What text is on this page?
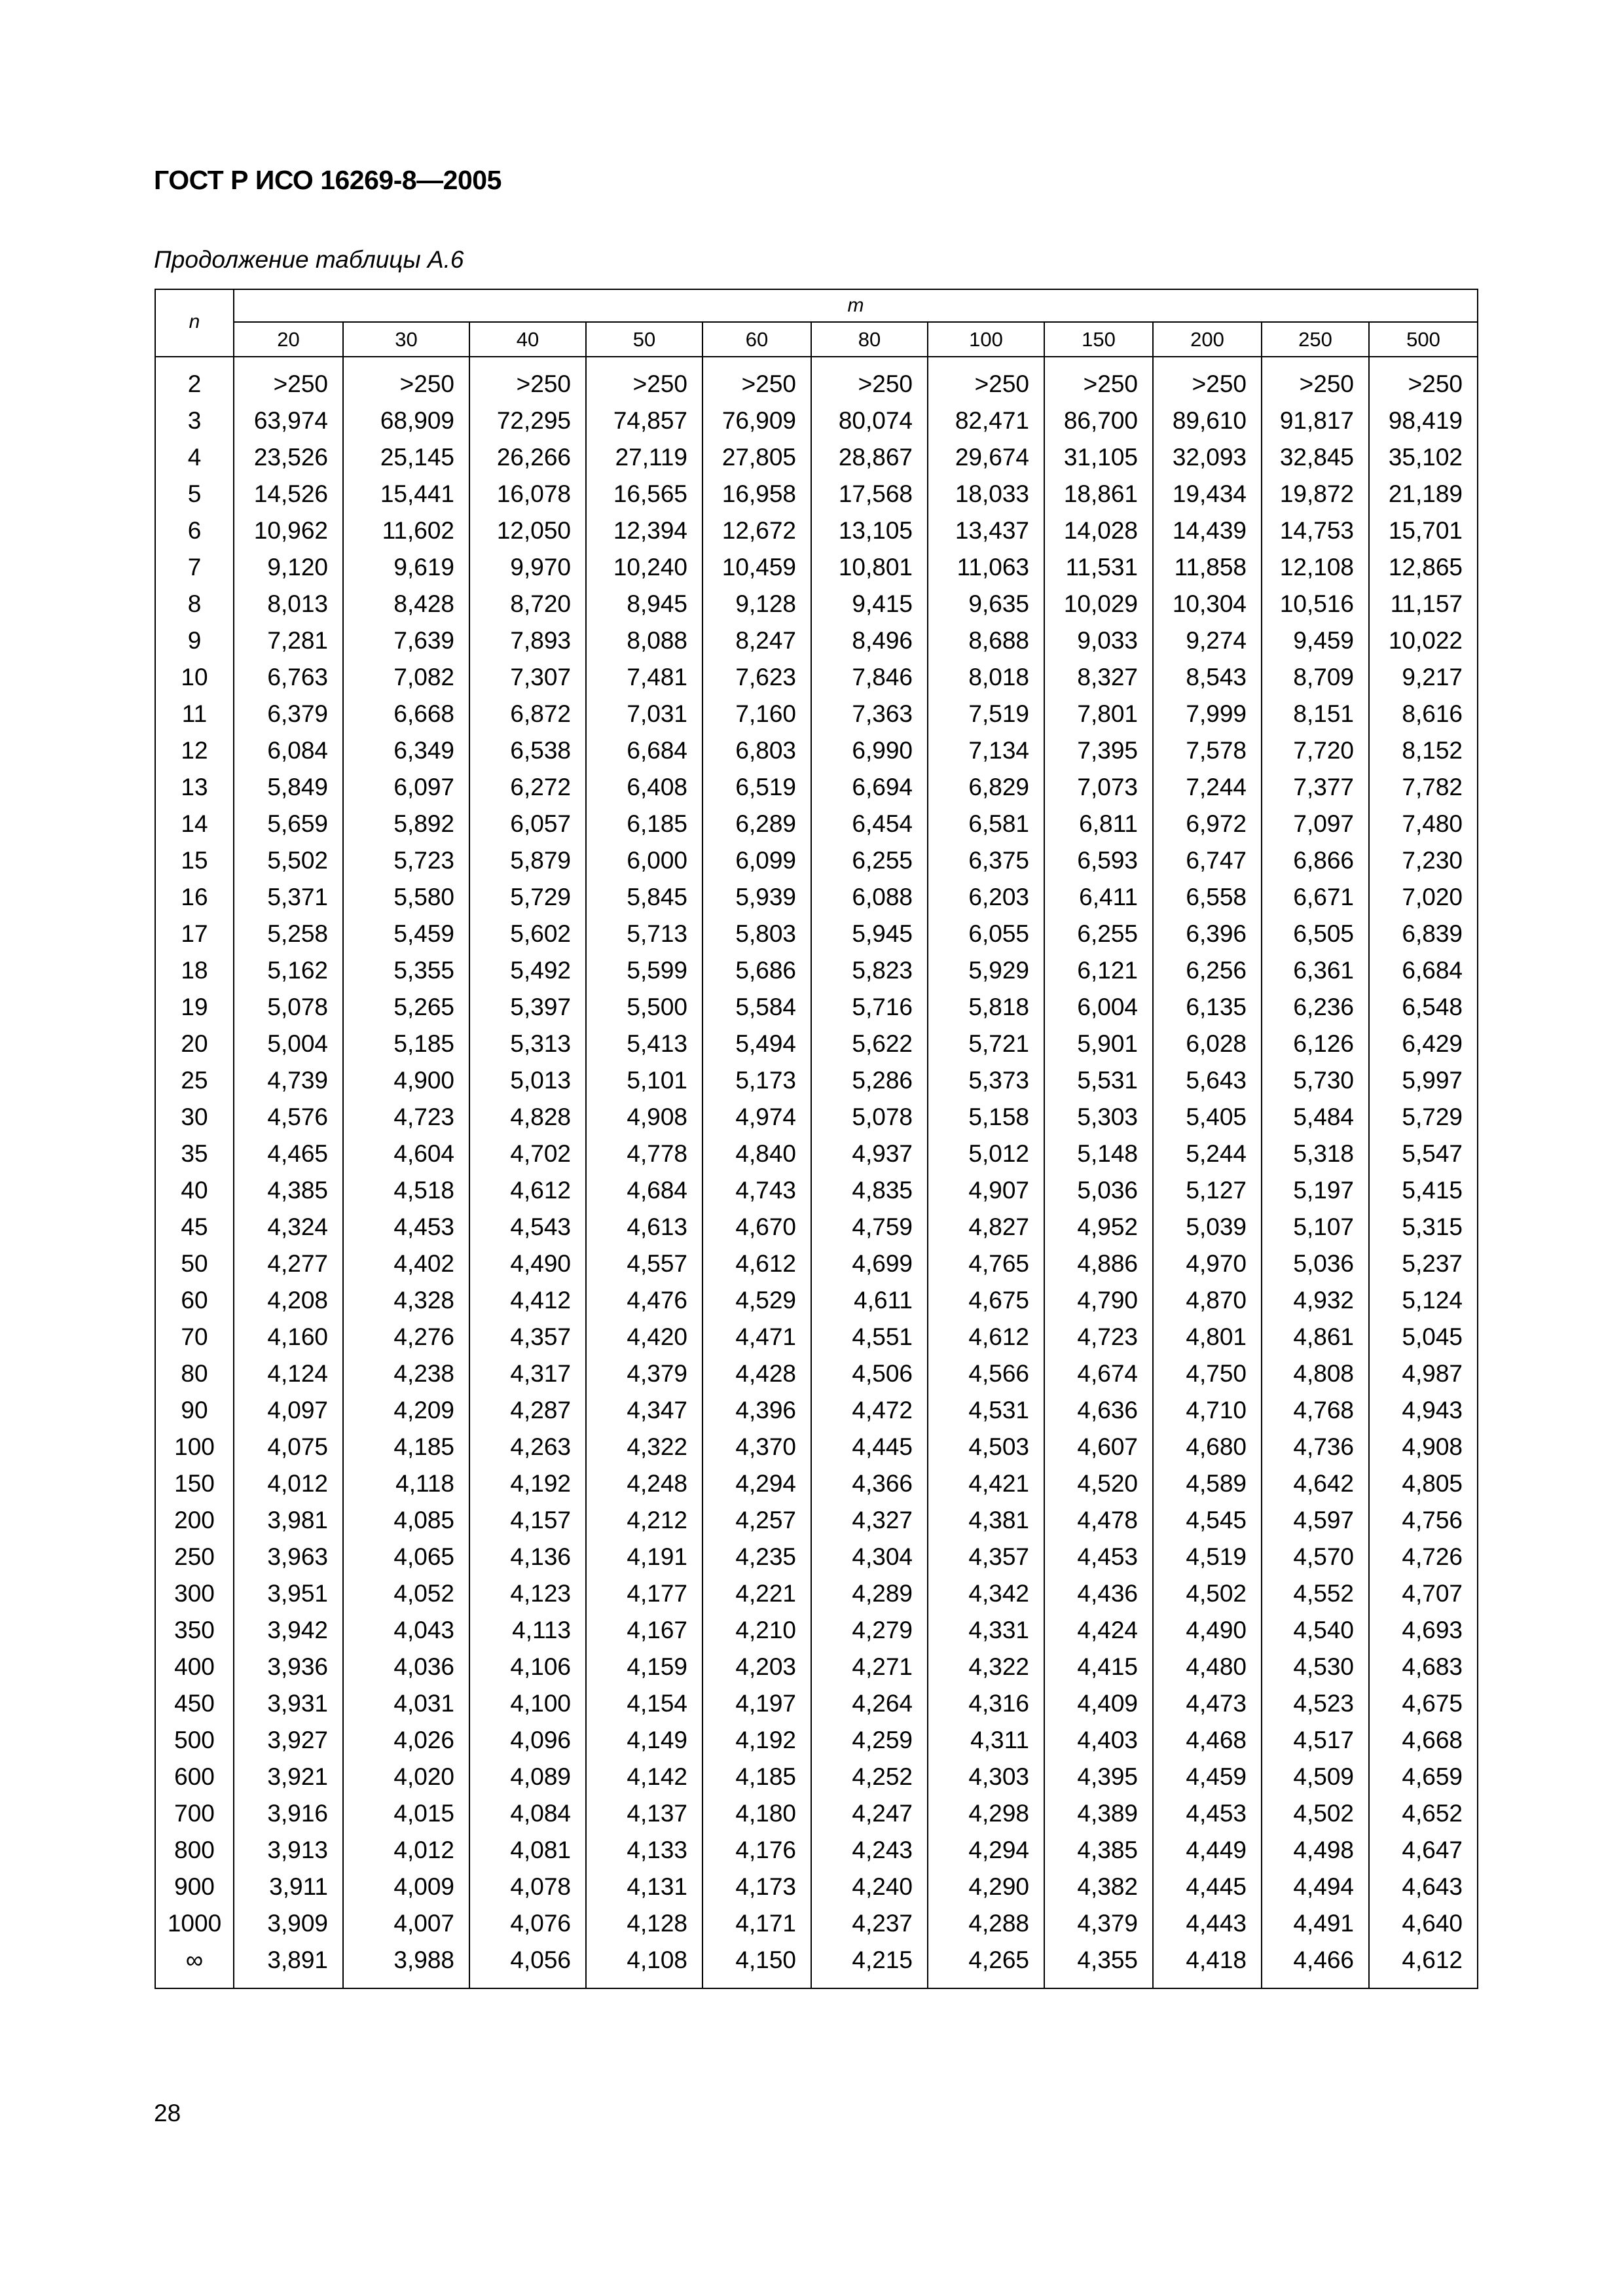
ГОСТ Р ИСО 16269-8—2005
Продолжение таблицы А.6
n	m										
	20	30	40	50	60	80	100	150	200	250	500

2	>250	>250	>250	>250	>250	>250	>250	>250	>250	>250	>250
3	63,974	68,909	72,295	74,857	76,909	80,074	82,471	86,700	89,610	91,817	98,419
4	23,526	25,145	26,266	27,119	27,805	28,867	29,674	31,105	32,093	32,845	35,102
5	14,526	15,441	16,078	16,565	16,958	17,568	18,033	18,861	19,434	19,872	21,189
6	10,962	11,602	12,050	12,394	12,672	13,105	13,437	14,028	14,439	14,753	15,701
7	9,120	9,619	9,970	10,240	10,459	10,801	11,063	11,531	11,858	12,108	12,865
8	8,013	8,428	8,720	8,945	9,128	9,415	9,635	10,029	10,304	10,516	11,157
9	7,281	7,639	7,893	8,088	8,247	8,496	8,688	9,033	9,274	9,459	10,022
10	6,763	7,082	7,307	7,481	7,623	7,846	8,018	8,327	8,543	8,709	9,217
11	6,379	6,668	6,872	7,031	7,160	7,363	7,519	7,801	7,999	8,151	8,616
12	6,084	6,349	6,538	6,684	6,803	6,990	7,134	7,395	7,578	7,720	8,152
13	5,849	6,097	6,272	6,408	6,519	6,694	6,829	7,073	7,244	7,377	7,782
14	5,659	5,892	6,057	6,185	6,289	6,454	6,581	6,811	6,972	7,097	7,480
15	5,502	5,723	5,879	6,000	6,099	6,255	6,375	6,593	6,747	6,866	7,230
16	5,371	5,580	5,729	5,845	5,939	6,088	6,203	6,411	6,558	6,671	7,020
17	5,258	5,459	5,602	5,713	5,803	5,945	6,055	6,255	6,396	6,505	6,839
18	5,162	5,355	5,492	5,599	5,686	5,823	5,929	6,121	6,256	6,361	6,684
19	5,078	5,265	5,397	5,500	5,584	5,716	5,818	6,004	6,135	6,236	6,548
20	5,004	5,185	5,313	5,413	5,494	5,622	5,721	5,901	6,028	6,126	6,429
25	4,739	4,900	5,013	5,101	5,173	5,286	5,373	5,531	5,643	5,730	5,997
30	4,576	4,723	4,828	4,908	4,974	5,078	5,158	5,303	5,405	5,484	5,729
35	4,465	4,604	4,702	4,778	4,840	4,937	5,012	5,148	5,244	5,318	5,547
40	4,385	4,518	4,612	4,684	4,743	4,835	4,907	5,036	5,127	5,197	5,415
45	4,324	4,453	4,543	4,613	4,670	4,759	4,827	4,952	5,039	5,107	5,315
50	4,277	4,402	4,490	4,557	4,612	4,699	4,765	4,886	4,970	5,036	5,237
60	4,208	4,328	4,412	4,476	4,529	4,611	4,675	4,790	4,870	4,932	5,124
70	4,160	4,276	4,357	4,420	4,471	4,551	4,612	4,723	4,801	4,861	5,045
80	4,124	4,238	4,317	4,379	4,428	4,506	4,566	4,674	4,750	4,808	4,987
90	4,097	4,209	4,287	4,347	4,396	4,472	4,531	4,636	4,710	4,768	4,943
100	4,075	4,185	4,263	4,322	4,370	4,445	4,503	4,607	4,680	4,736	4,908
150	4,012	4,118	4,192	4,248	4,294	4,366	4,421	4,520	4,589	4,642	4,805
200	3,981	4,085	4,157	4,212	4,257	4,327	4,381	4,478	4,545	4,597	4,756
250	3,963	4,065	4,136	4,191	4,235	4,304	4,357	4,453	4,519	4,570	4,726
300	3,951	4,052	4,123	4,177	4,221	4,289	4,342	4,436	4,502	4,552	4,707
350	3,942	4,043	4,113	4,167	4,210	4,279	4,331	4,424	4,490	4,540	4,693
400	3,936	4,036	4,106	4,159	4,203	4,271	4,322	4,415	4,480	4,530	4,683
450	3,931	4,031	4,100	4,154	4,197	4,264	4,316	4,409	4,473	4,523	4,675
500	3,927	4,026	4,096	4,149	4,192	4,259	4,311	4,403	4,468	4,517	4,668
600	3,921	4,020	4,089	4,142	4,185	4,252	4,303	4,395	4,459	4,509	4,659
700	3,916	4,015	4,084	4,137	4,180	4,247	4,298	4,389	4,453	4,502	4,652
800	3,913	4,012	4,081	4,133	4,176	4,243	4,294	4,385	4,449	4,498	4,647
900	3,911	4,009	4,078	4,131	4,173	4,240	4,290	4,382	4,445	4,494	4,643
1000	3,909	4,007	4,076	4,128	4,171	4,237	4,288	4,379	4,443	4,491	4,640
∞	3,891	3,988	4,056	4,108	4,150	4,215	4,265	4,355	4,418	4,466	4,612
28
